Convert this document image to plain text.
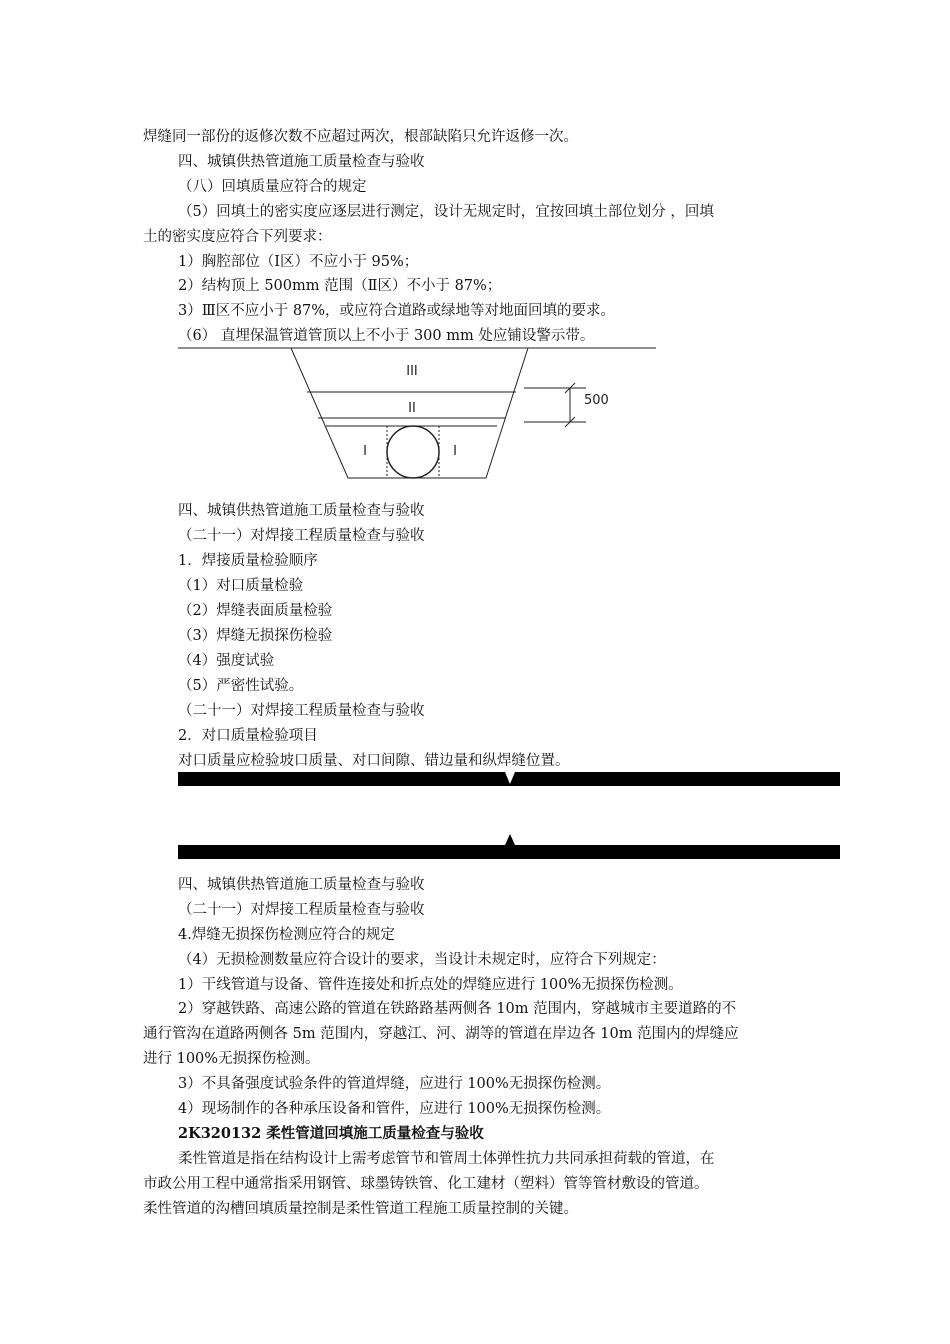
焊缝同一部份的返修次数不应超过两次，根部缺陷只允许返修一次。
四、城镇供热管道施工质量检查与验收
（八）回填质量应符合的规定
（5）回填土的密实度应逐层进行测定，设计无规定时，宜按回填土部位划分 ，回填
土的密实度应符合下列要求：
1）胸腔部位（Ⅰ区）不应小于 95%；
2）结构顶上 500mm 范围（Ⅱ区）不小于 87%；
3）Ⅲ区不应小于 87%，或应符合道路或绿地等对地面回填的要求。
（6） 直埋保温管道管顶以上不小于 300 mm 处应铺设警示带。
III
II
I	I
500
四、城镇供热管道施工质量检查与验收
（二十一）对焊接工程质量检查与验收
1．焊接质量检验顺序
（1）对口质量检验
（2）焊缝表面质量检验
（3）焊缝无损探伤检验
（4）强度试验
（5）严密性试验。
（二十一）对焊接工程质量检查与验收
2．对口质量检验项目
对口质量应检验坡口质量、对口间隙、错边量和纵焊缝位置。
四、城镇供热管道施工质量检查与验收
（二十一）对焊接工程质量检查与验收
4.焊缝无损探伤检测应符合的规定
（4）无损检测数量应符合设计的要求，当设计未规定时，应符合下列规定：
1）干线管道与设备、管件连接处和折点处的焊缝应进行 100%无损探伤检测。
2）穿越铁路、高速公路的管道在铁路路基两侧各 10m 范围内，穿越城市主要道路的不
通行管沟在道路两侧各 5m 范围内，穿越江、河、湖等的管道在岸边各 10m 范围内的焊缝应
进行 100%无损探伤检测。
3）不具备强度试验条件的管道焊缝，应进行 100%无损探伤检测。
4）现场制作的各种承压设备和管件，应进行 100%无损探伤检测。
2K320132 柔性管道回填施工质量检查与验收
柔性管道是指在结构设计上需考虑管节和管周土体弹性抗力共同承担荷载的管道，在
市政公用工程中通常指采用钢管、球墨铸铁管、化工建材（塑料）管等管材敷设的管道。
柔性管道的沟槽回填质量控制是柔性管道工程施工质量控制的关键。
